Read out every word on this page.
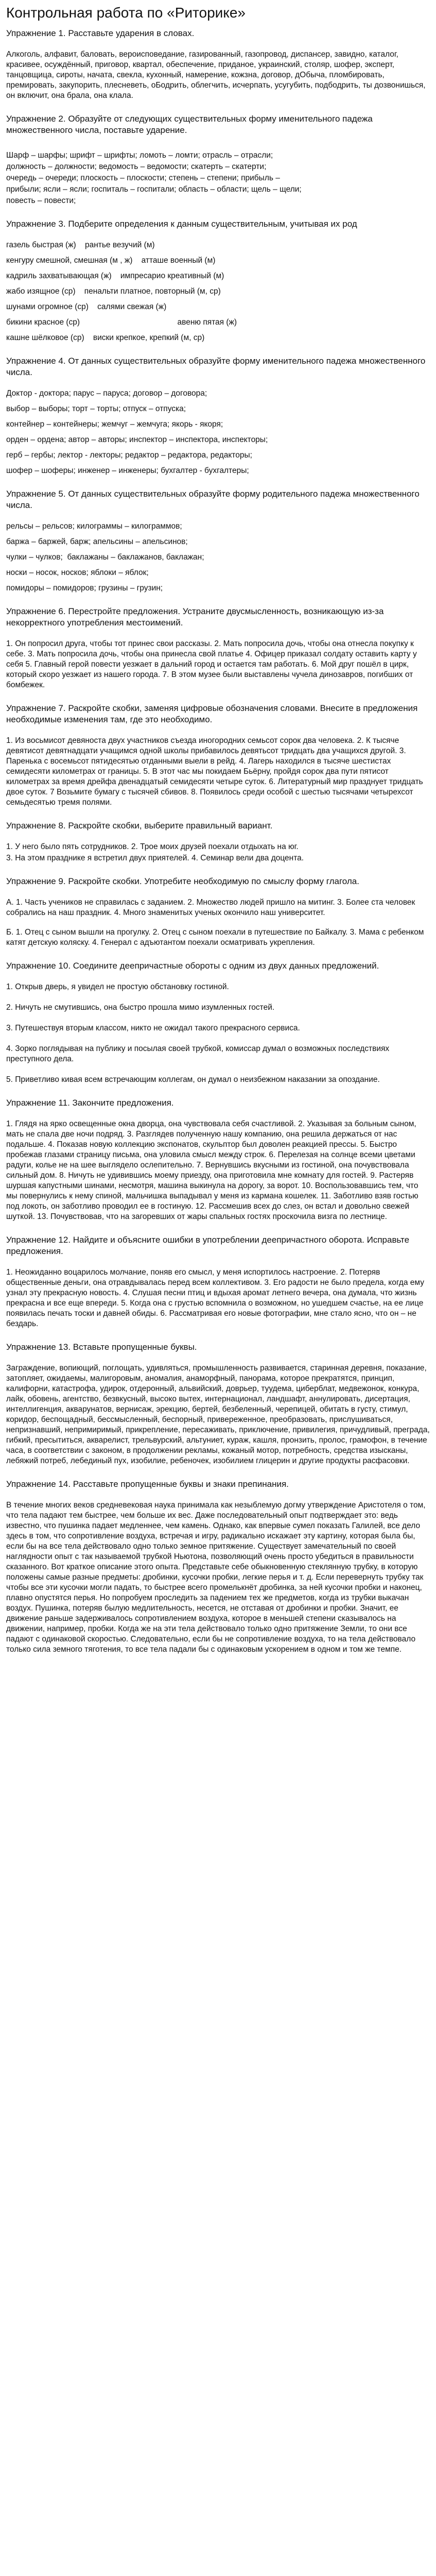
Контрольная работа по «Риторике»
Упражнение 1. Расставьте ударения в словах.
Алкоголь, алфавит, баловать, вероисповедание, газированный, газопровод, диспансер, завидно, каталог, красивее, осуждённый, приговор, квартал, обеспечение, приданое, украинский, столяр, шофер, эксперт, танцовщица, сироты, начата, свекла, кухонный, намерение, кожзна, договор, дОбыча, пломбировать, премировать, закупорить, плесневеть, оБодрить, облегчить, исчерпать, усугубить, подбодрить, ты дозвонишься, он включит, она брала, она клала.
Упражнение 2. Образуйте от следующих существительных форму именительного падежа множественного числа, поставьте ударение.
Шарф – шарфы; шрифт – шрифты; ломоть – ломти; отрасль – отрасли;
должность – должности; ведомость – ведомости; скатерть – скатерти;
очередь – очереди; плоскость – плоскости; степень – степени; прибыль –
прибыли; ясли – ясли; госпиталь – госпитали; область – области; щель – щели;
повесть – повести;
Упражнение 3. Подберите определения к данным существительным, учитывая их род
газель быстрая (ж)    рантье везучий (м)
кенгуру смешной, смешная (м , ж)    атташе военный (м)
кадриль захватывающая (ж)    импресарио креативный (м)
жабо изящное (ср)    пенальти платное, повторный (м, ср)
шунами огромное (ср)    салями свежая (ж)
бикини красное (ср)                                            авеню пятая (ж)
кашне шёлковое (ср)    виски крепкое, крепкий (м, ср)
Упражнение 4. От данных существительных образуйте форму именительного падежа множественного числа.
Доктор - доктора; парус – паруса; договор – договора;
выбор – выборы; торт – торты; отпуск – отпуска;
контейнер – контейнеры; жемчуг – жемчуга; якорь - якоря;
орден – ордена; автор – авторы; инспектор – инспектора, инспекторы;
герб – гербы; лектор - лекторы; редактор – редактора, редакторы;
шофер – шоферы; инженер – инженеры; бухгалтер - бухгалтеры;
Упражнение 5. От данных существительных образуйте форму родительного падежа множественного числа.
рельсы – рельсов; килограммы – килограммов;
баржа – баржей, барж; апельсины – апельсинов;
чулки – чулков;  баклажаны – баклажанов, баклажан;
носки – носок, носков; яблоки – яблок;
помидоры – помидоров; грузины – грузин;
Упражнение 6. Перестройте предложения. Устраните двусмысленность, возникающую из-за некорректного употребления местоимений.
1. Он попросил друга, чтобы тот принес свои рассказы. 2. Мать попросила дочь, чтобы она отнесла покупку к себе. 3. Мать попросила дочь, чтобы она принесла свой платье 4. Офицер приказал солдату оставить карту у себя 5. Главный герой повести уезжает в дальний город и остается там работать. 6. Мой друг пошёл в цирк, который скоро уезжает из нашего города. 7. В этом музее были выставлены чучела динозавров, погибших от бомбежек.
Упражнение 7. Раскройте скобки, заменяя цифровые обозначения словами. Внесите в предложения необходимые изменения там, где это необходимо.
1. Из восьмисот девяноста двух участников съезда иногородних семьсот сорок два человека. 2. К тысяче девятисот девятнадцати учащимся одной школы прибавилось девятьсот тридцать два учащихся другой. 3. Паренька с восемьсот пятидесятью отданными выели в рейд. 4. Лагерь находился в тысяче шестистах семидесяти километрах от границы. 5. В этот час мы покидаем Бьёрну, пройдя сорок два пути пятисот километрах за время дрейфа двенадцатый семидесяти четыре суток. 6. Литературный мир празднует тридцать двое суток. 7 Возьмите бумагу с тысячей сбивов. 8. Появилось среди особой с шестью тысячами четырехсот семьдесятью тремя полями.
Упражнение 8. Раскройте скобки, выберите правильный вариант.
1. У него было пять сотрудников. 2. Трое моих друзей поехали отдыхать на юг.
3. На этом празднике я встретил двух приятелей. 4. Семинар вели два доцента.
Упражнение 9. Раскройте скобки. Употребите необходимую по смыслу форму глагола.
А. 1. Часть учеников не справилась с заданием. 2. Множество людей пришло на митинг. 3. Более ста человек собрались на наш праздник. 4. Много знаменитых ученых окончило наш университет.
Б. 1. Отец с сыном вышли на прогулку. 2. Отец с сыном поехали в путешествие по Байкалу. 3. Мама с ребенком катят детскую коляску. 4. Генерал с адъютантом поехали осматривать укрепления.
Упражнение 10. Соедините деепричастные обороты с одним из двух данных предложений.
1. Открыв дверь, я увидел не простую обстановку гостиной.

2. Ничуть не смутившись, она быстро прошла мимо изумленных гостей.

3. Путешествуя вторым классом, никто не ожидал такого прекрасного сервиса.

4. Зорко поглядывая на публику и посылая своей трубкой, комиссар думал о возможных последствиях преступного дела.

5. Приветливо кивая всем встречающим коллегам, он думал о неизбежном наказании за опоздание.
Упражнение 11. Закончите предложения.
1. Глядя на ярко освещенные окна дворца, она чувствовала себя счастливой. 2. Указывая за больным сыном, мать не спала две ночи подряд. 3. Разглядев полученную нашу компанию, она решила держаться от нас подальше. 4. Показав новую коллекцию экспонатов, скульптор был доволен реакцией прессы. 5. Быстро пробежав глазами страницу письма, она уловила смысл между строк. 6. Перелезая на солнце всеми цветами радуги, колье не на шее выглядело ослепительно. 7. Вернувшись вкусными из гостиной, она почувствовала сильный дом. 8. Ничуть не удивившись моему приезду, она приготовила мне комнату для гостей. 9. Растеряв шуршая капустными шинами, несмотря, машина выкинула на дорогу, за ворот. 10. Воспользовавшись тем, что мы повернулись к нему спиной, мальчишка выпадывал у меня из кармана кошелек. 11. Заботливо взяв гостью под локоть, он заботливо проводил ее в гостиную. 12. Рассмешив всех до слез, он встал и довольно свежей шуткой. 13. Почувствовав, что на загоревших от жары спальных гостях проскочила визга по лестнице.
Упражнение 12. Найдите и объясните ошибки в употреблении деепричастного оборота. Исправьте предложения.
1. Неожиданно воцарилось молчание, поняв его смысл, у меня испортилось настроение. 2. Потеряв общественные деньги, она отравдывалась перед всем коллективом. 3. Его радости не было предела, когда ему узнал эту прекрасную новость. 4. Слушая песни птиц и вдыхая аромат летнего вечера, она думала, что жизнь прекрасна и все еще впереди. 5. Когда она с грустью вспомнила о возможном, но ушедшем счастье, на ее лице появилась печать тоски и давней обиды. 6. Рассматривая его новые фотографии, мне стало ясно, что он – не бездарь.
Упражнение 13. Вставьте пропущенные буквы.
Заграждение, вопиющий, поглощать, удивляться, промышленность развивается, старинная деревня, показание, затопляет, ожидаемы, малигоровым, аномалия, анаморфный, панорама, которое прекратятся, принцип, калифорни, катастрофа, удирок, отдеронный, альвийский, доврьер, туудема, циберблат, медвежонок, конкура, лайк, обовень, агентство, безвкусный, высоко вытех, интернационал, ландшафт, аннулировать, дисертация, интеллигенция, акварунатов, вернисаж, эрекцию, бертей, безбеленный, черепицей, обитать в густу, стимул, коридор, беспощадный, бессмысленный, беспорный, привереженное, преобразовать, прислушиваться, непризнавший, непримиримый, прикрепление, пересаживать, приключение, привилегия, причудливый, преграда, гибкий, пресытиться, акварелист, трельвурский, альтуниет, кураж, кашля, пронзить, пролос, грамофон, в течение часа, в соответствии с законом, в продолжении рекламы, кожаный мотор, потребность, средства изысканы, лебяжий потреб, лебединый пух, изобилие, ребеночек, изобилием глицерин и другие продукты расфасовки.
Упражнение 14. Расставьте пропущенные буквы и знаки препинания.
В течение многих веков средневековая наука принимала как незыблемую догму утверждение Аристотеля о том, что тела падают тем быстрее, чем больше их вес. Даже последовательный опыт подтверждает это: ведь известно, что пушинка падает медленнее, чем камень. Однако, как впервые сумел показать Галилей, все дело здесь в том, что сопротивление воздуха, встречая и игру, радикально искажает эту картину, которая была бы, если бы на все тела действовало одно только земное притяжение. Существует замечательный по своей наглядности опыт с так называемой трубкой Ньютона, позволяющий очень просто убедиться в правильности сказанного. Вот краткое описание этого опыта. Представьте себе обыкновенную стеклянную трубку, в которую положены самые разные предметы: дробинки, кусочки пробки, легкие перья и т. д. Если перевернуть трубку так чтобы все эти кусочки могли падать, то быстрее всего промелькнёт дробинка, за ней кусочки пробки и наконец, плавно опустятся перья. Но попробуем проследить за падением тех же предметов, когда из трубки выкачан воздух. Пушинка, потеряв былую медлительность, несется, не отставая от дробинки и пробки. Значит, ее движение раньше задерживалось сопротивлением воздуха, которое в меньшей степени сказывалось на движении, например, пробки. Когда же на эти тела действовало только одно притяжение Земли, то они все падают с одинаковой скоростью. Следовательно, если бы не сопротивление воздуха, то на тела действовало только сила земного тяготения, то все тела падали бы с одинаковым ускорением в одном и том же темпе.
